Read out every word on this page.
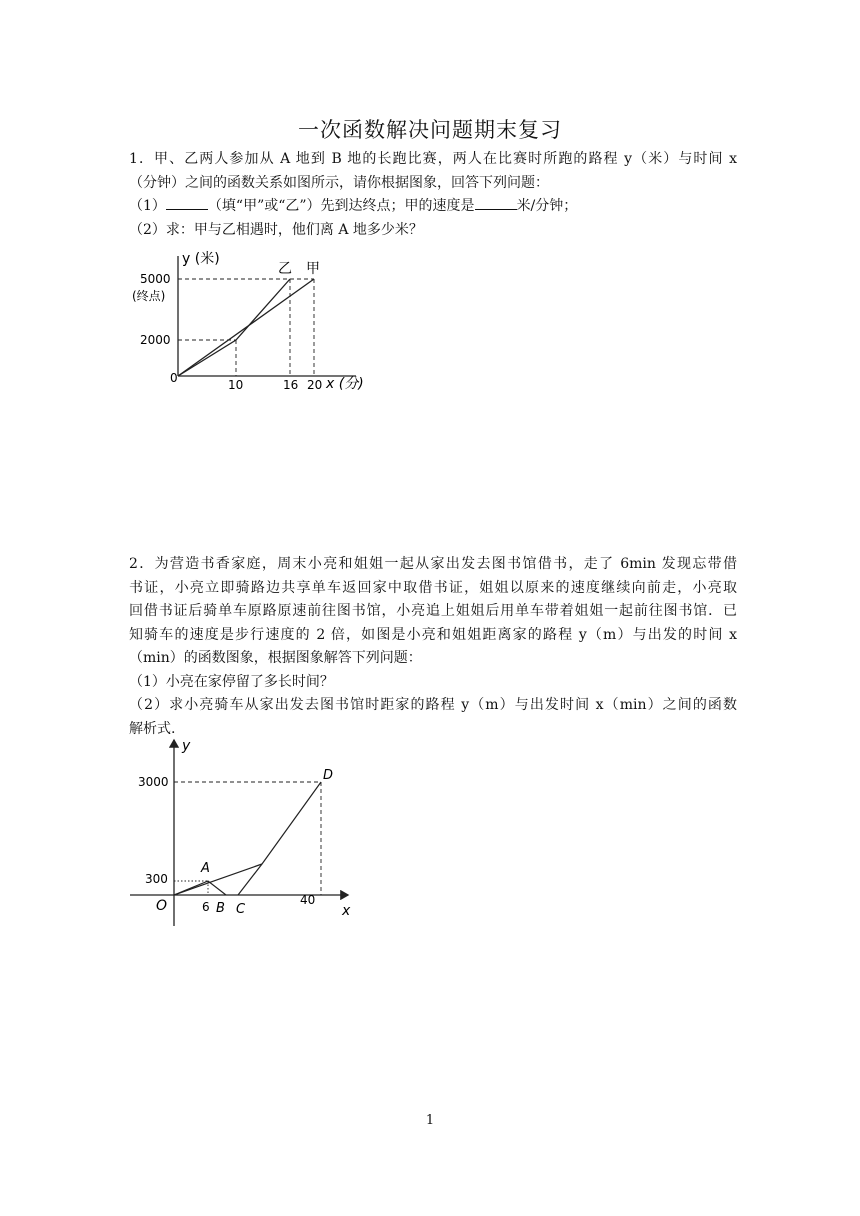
一次函数解决问题期末复习
1．甲、乙两人参加从 A 地到 B 地的长跑比赛，两人在比赛时所跑的路程 y（米）与时间 x
（分钟）之间的函数关系如图所示，请你根据图象，回答下列问题：
（1）	（填“甲”或“乙”）先到达终点；甲的速度是	米/分钟；
（2）求：甲与乙相遇时，他们离 A 地多少米？
y (米)
x (分)
5000
(终点)
2000
0	10	16 20
乙 甲
2．为营造书香家庭，周末小亮和姐姐一起从家出发去图书馆借书，走了 6min 发现忘带借
书证，小亮立即骑路边共享单车返回家中取借书证，姐姐以原来的速度继续向前走，小亮取
回借书证后骑单车原路原速前往图书馆，小亮追上姐姐后用单车带着姐姐一起前往图书馆．已
知骑车的速度是步行速度的 2 倍，如图是小亮和姐姐距离家的路程 y（m）与出发的时间 x
（min）的函数图象，根据图象解答下列问题：
（1）小亮在家停留了多长时间？
（2）求小亮骑车从家出发去图书馆时距家的路程 y（m）与出发时间 x（min）之间的函数
解析式.
y
x
O
3000
300
6	40
A
B C
D
1
